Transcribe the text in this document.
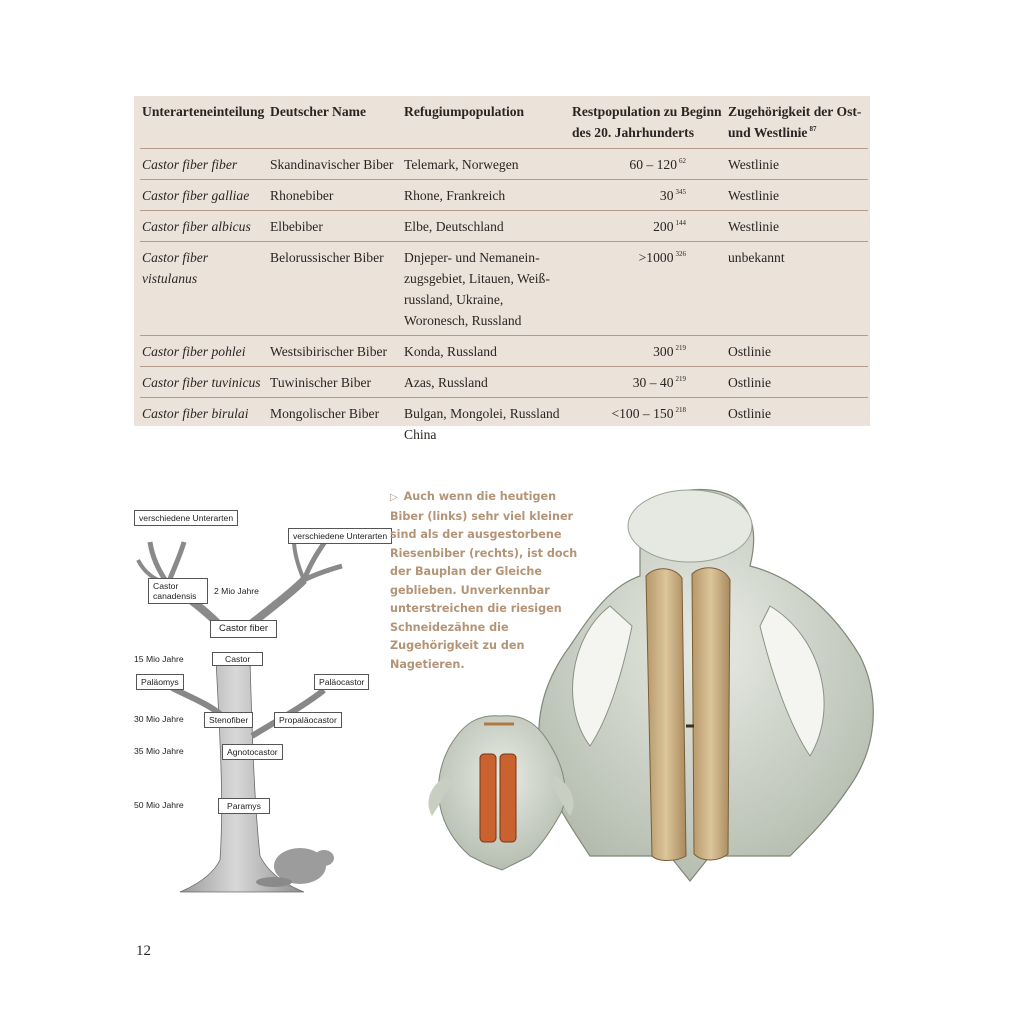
Unterarteneinteilung	Deutscher Name	Refugiumpopulation	Restpopulation zu Beginn des 20. Jahrhunderts	Zugehörigkeit der Ost- und Westlinie $^{87}$
Castor fiber fiber	Skandinavischer Biber	Telemark, Norwegen	60 – 120 $^{62}$	Westlinie
Castor fiber galliae	Rhonebiber	Rhone, Frankreich	30 $^{345}$	Westlinie
Castor fiber albicus	Elbebiber	Elbe, Deutschland	200 $^{144}$	Westlinie
Castor fiber vistulanus	Belorussischer Biber	Dnjeper- und Nemaneinzugsgebiet, Litauen, Weißrussland, Ukraine, Woronesch, Russland	>1000 $^{326}$	unbekannt
Castor fiber pohlei	Westsibirischer Biber	Konda, Russland	300 $^{219}$	Ostlinie
Castor fiber tuvinicus	Tuwinischer Biber	Azas, Russland	30 – 40 $^{219}$	Ostlinie
Castor fiber birulai	Mongolischer Biber	Bulgan, Mongolei, Russland China	<100 – 150 $^{218}$	Ostlinie
verschiedene Unterarten
verschiedene Unterarten
Castor canadensis	2 Mio Jahre
Castor fiber
15 Mio Jahre	Castor
Paläomys	Paläocastor
30 Mio Jahre	Stenofiber	Propaläocastor
35 Mio Jahre	Agnotocastor
50 Mio Jahre	Paramys
▷ Auch wenn die heutigen Biber (links) sehr viel kleiner sind als der ausgestorbene Riesenbiber (rechts), ist doch der Bauplan der Gleiche geblieben. Unverkennbar unterstreichen die riesigen Schneidezähne die Zugehörigkeit zu den Nagetieren.
12
